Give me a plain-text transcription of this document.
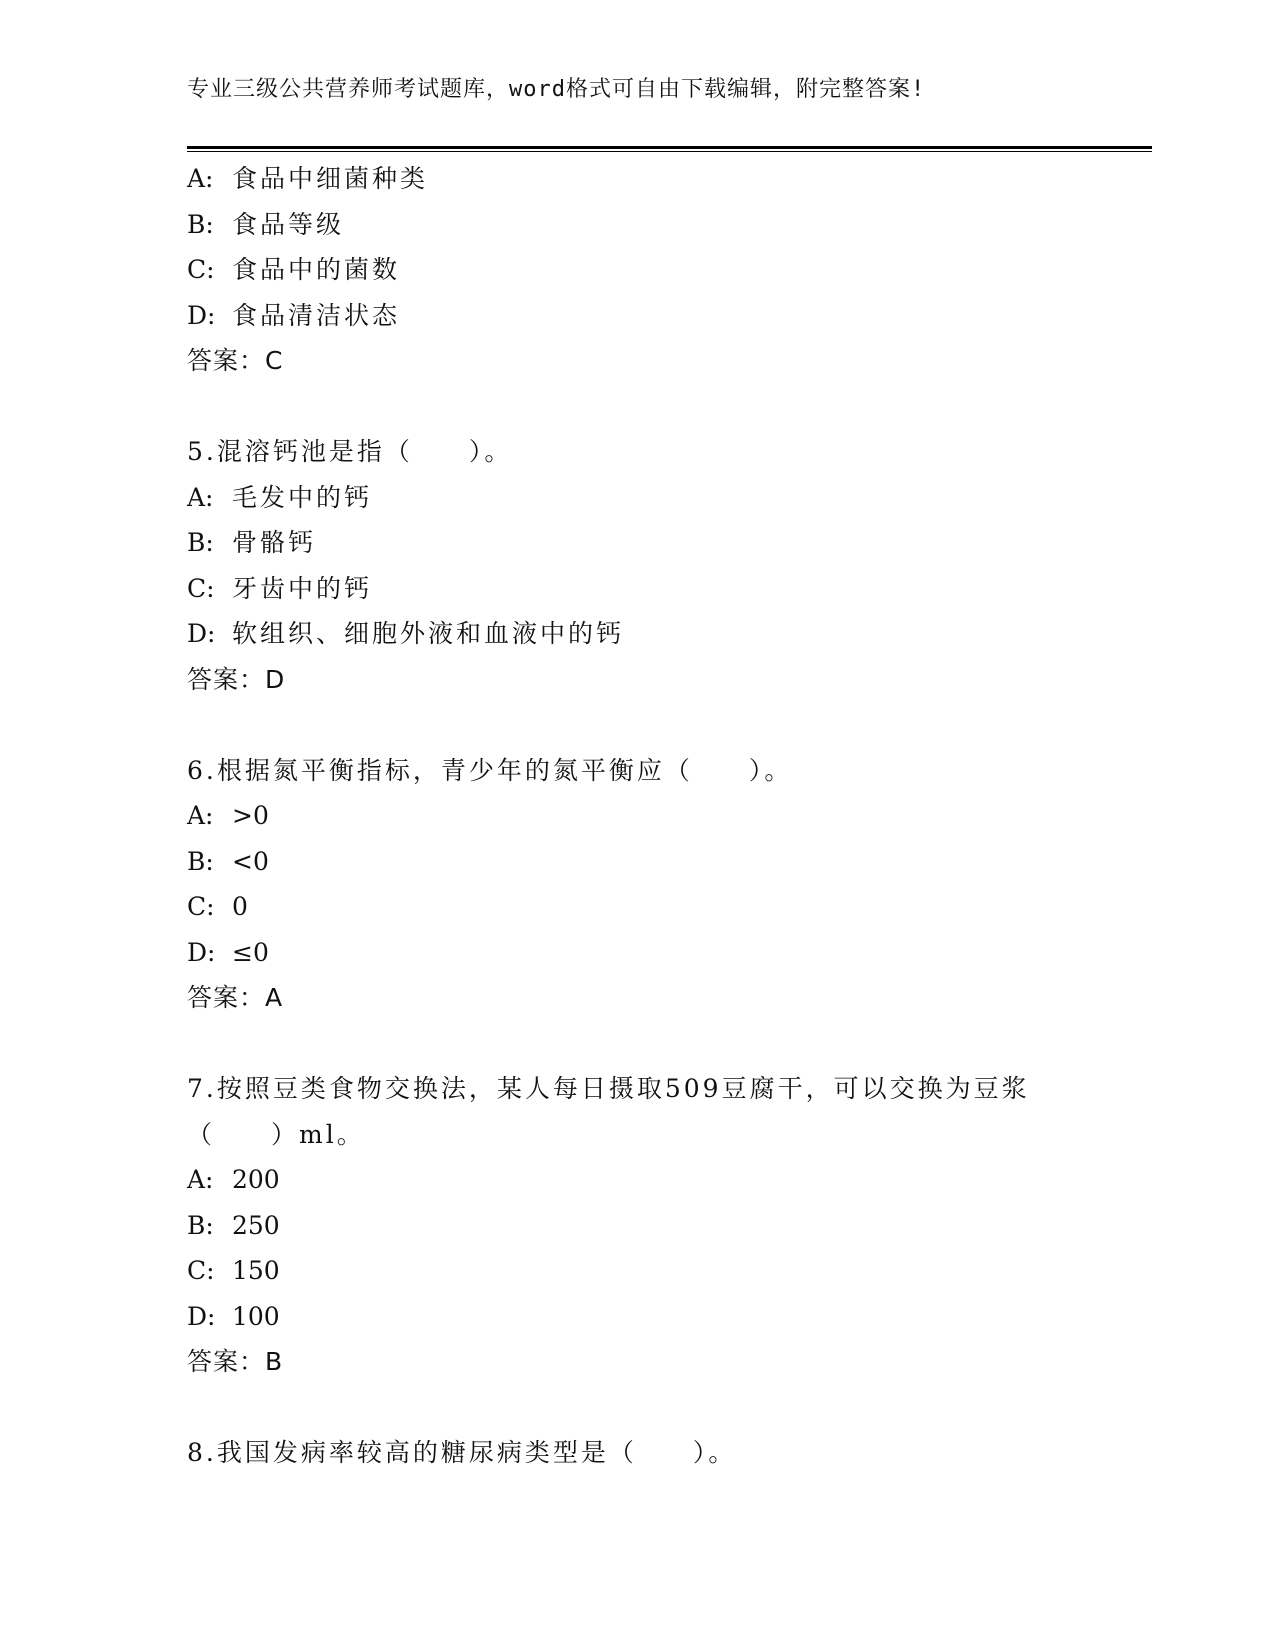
专业三级公共营养师考试题库，word格式可自由下载编辑，附完整答案!
A: 食品中细菌种类
B: 食品等级
C: 食品中的菌数
D: 食品清洁状态
答案：C
5.混溶钙池是指（　　）。
A: 毛发中的钙
B: 骨骼钙
C: 牙齿中的钙
D: 软组织、细胞外液和血液中的钙
答案：D
6.根据氮平衡指标，青少年的氮平衡应（　　）。
A: >0
B: <0
C: 0
D: ≤0
答案：A
7.按照豆类食物交换法，某人每日摄取509豆腐干，可以交换为豆浆（　　）ml。
A: 200
B: 250
C: 150
D: 100
答案：B
8.我国发病率较高的糖尿病类型是（　　）。
